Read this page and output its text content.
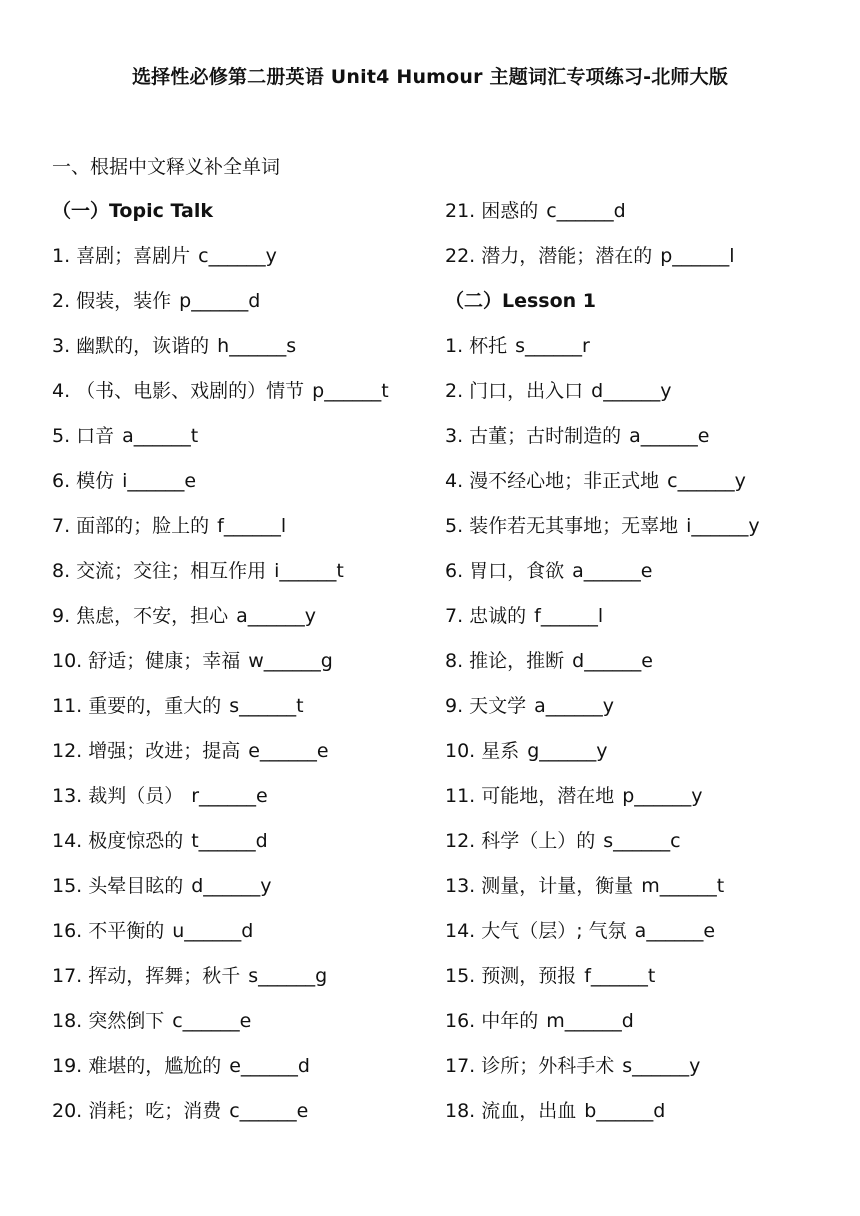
选择性必修第二册英语 Unit4 Humour 主题词汇专项练习-北师大版
一、根据中文释义补全单词
（一）Topic Talk
1. 喜剧；喜剧片 c______y
2. 假装，装作 p______d
3. 幽默的，诙谐的 h______s
4. （书、电影、戏剧的）情节 p______t
5. 口音 a______t
6. 模仿 i______e
7. 面部的；脸上的 f______l
8. 交流；交往；相互作用 i______t
9. 焦虑，不安，担心 a______y
10. 舒适；健康；幸福 w______g
11. 重要的，重大的 s______t
12. 增强；改进；提高 e______e
13. 裁判（员） r______e
14. 极度惊恐的 t______d
15. 头晕目眩的 d______y
16. 不平衡的 u______d
17. 挥动，挥舞；秋千 s______g
18. 突然倒下 c______e
19. 难堪的，尴尬的 e______d
20. 消耗；吃；消费 c______e
21. 困惑的 c______d
22. 潜力，潜能；潜在的 p______l
（二）Lesson 1
1. 杯托 s______r
2. 门口，出入口 d______y
3. 古董；古时制造的 a______e
4. 漫不经心地；非正式地 c______y
5. 装作若无其事地；无辜地 i______y
6. 胃口，食欲 a______e
7. 忠诚的 f______l
8. 推论，推断 d______e
9. 天文学 a______y
10. 星系 g______y
11. 可能地，潜在地 p______y
12. 科学（上）的 s______c
13. 测量，计量，衡量 m______t
14. 大气（层）; 气氛 a______e
15. 预测，预报 f______t
16. 中年的 m______d
17. 诊所；外科手术 s______y
18. 流血，出血 b______d
